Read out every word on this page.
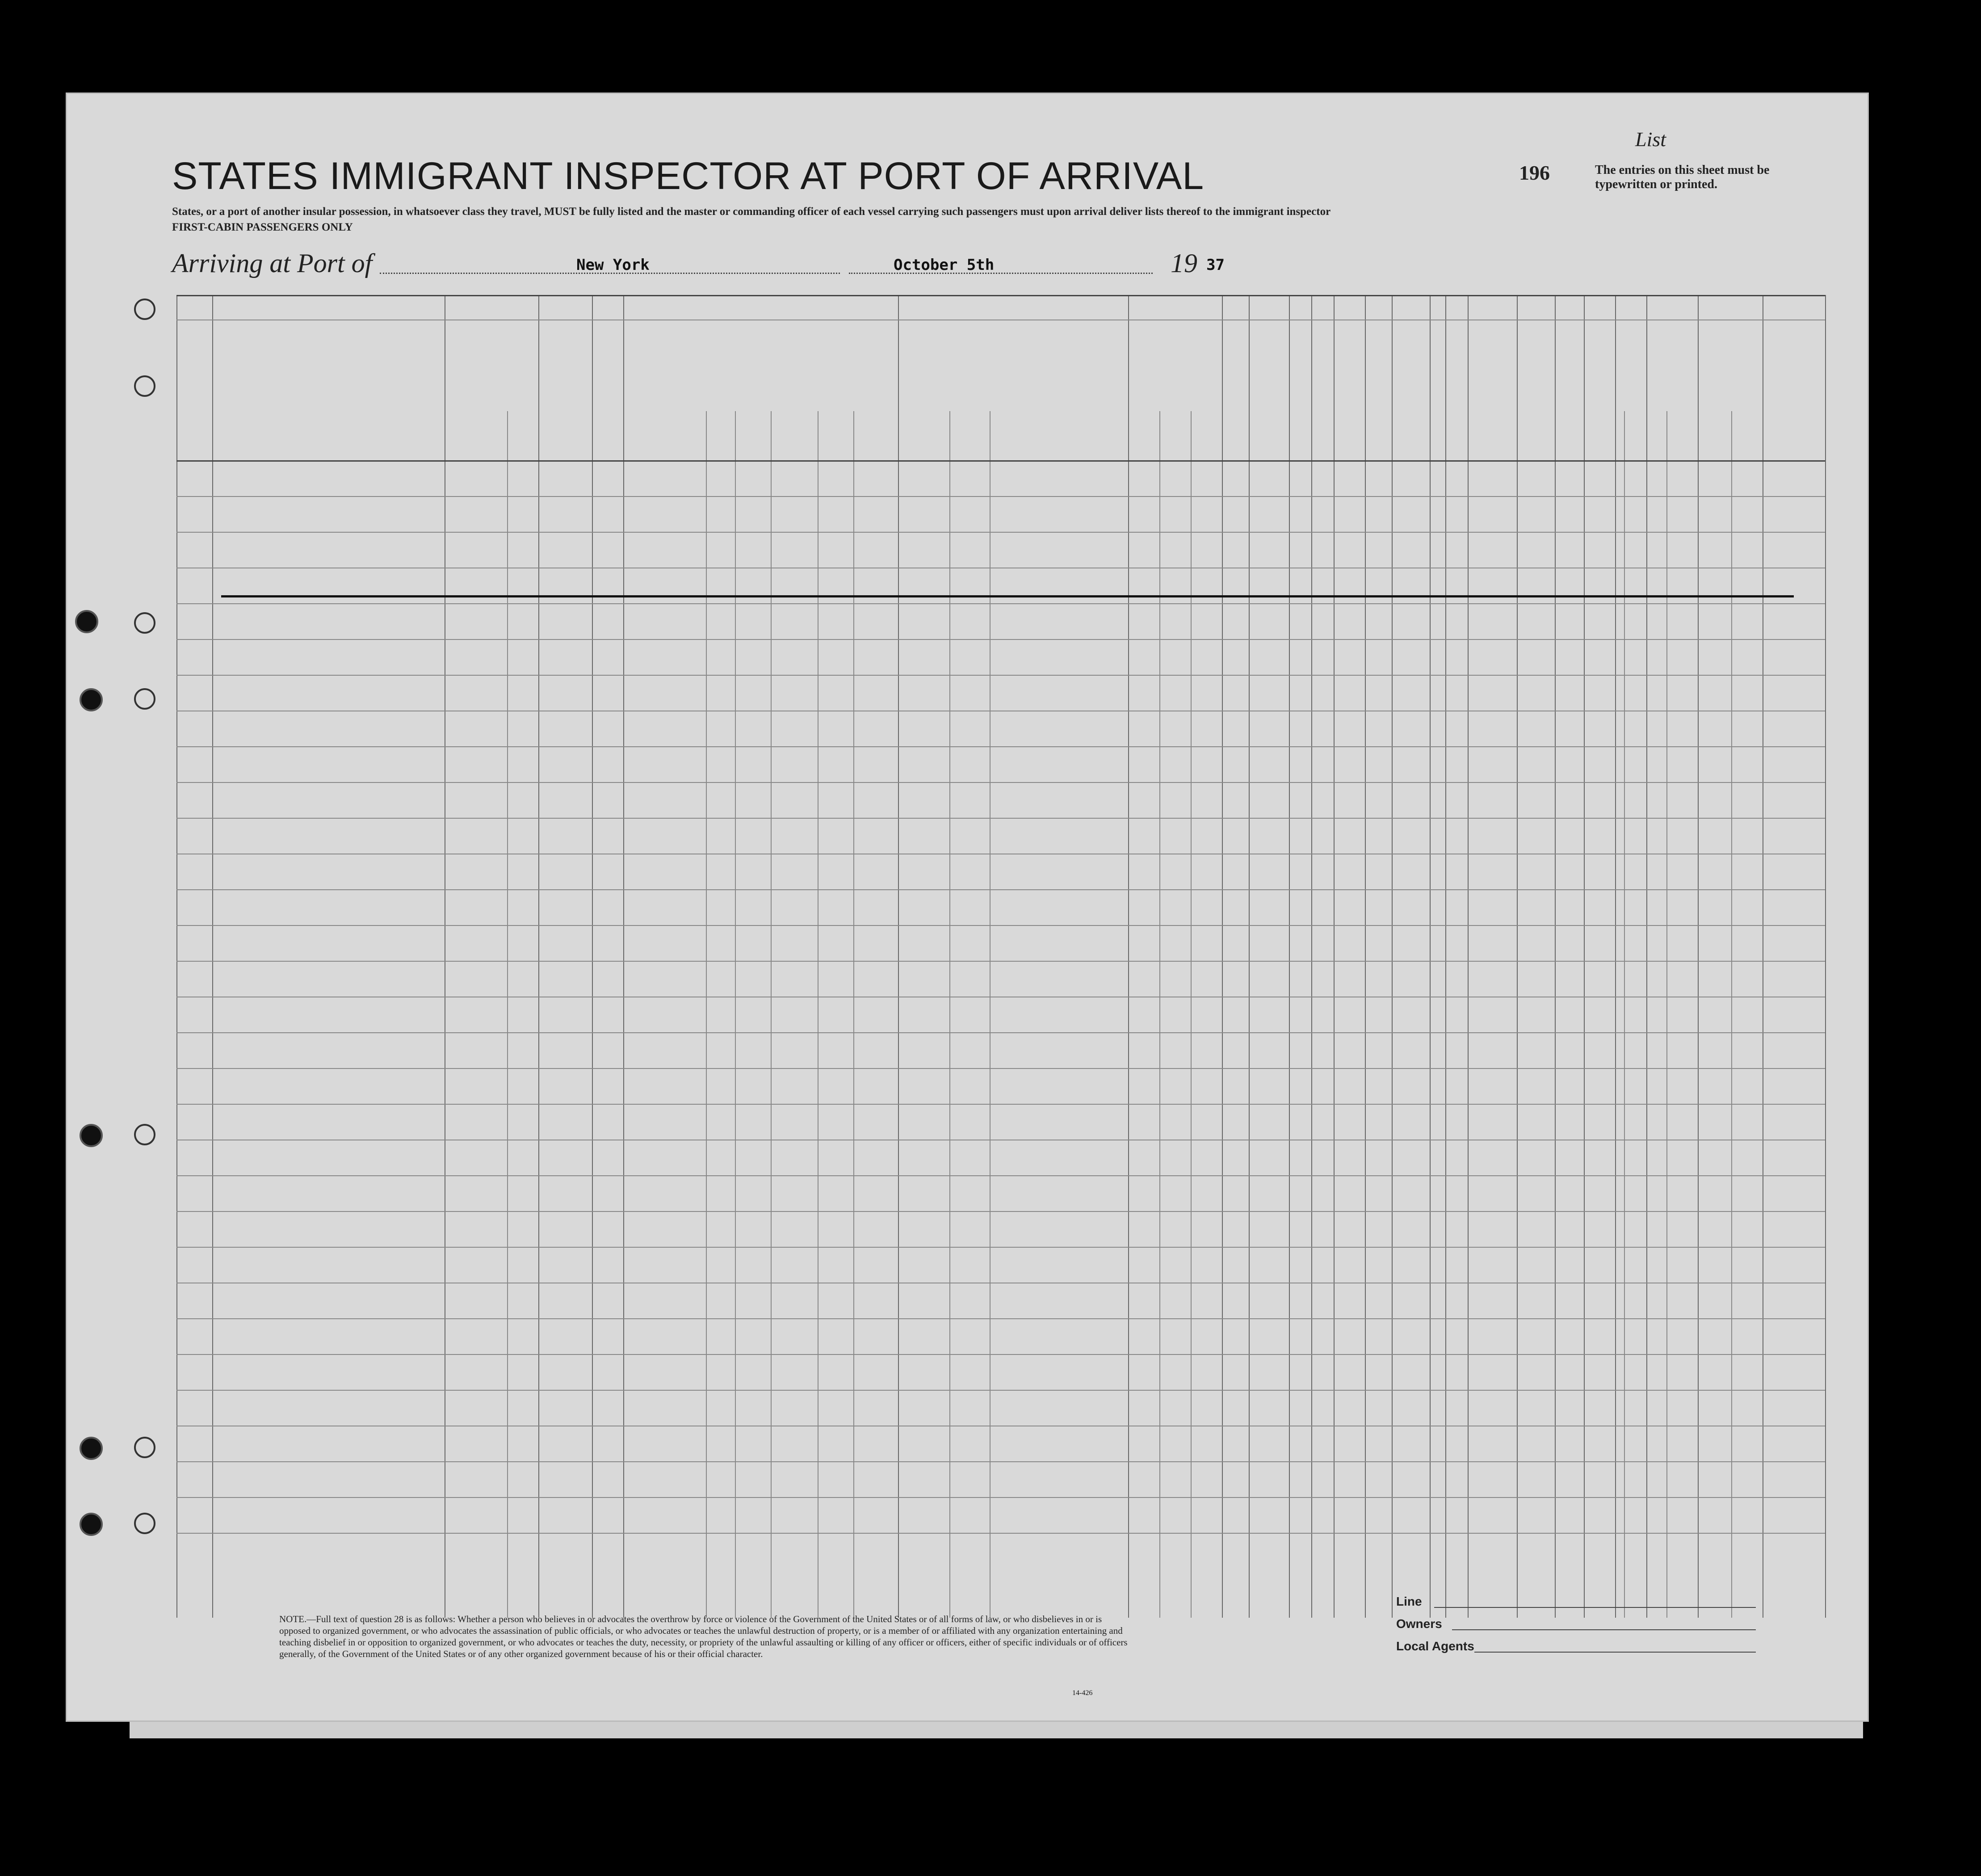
List
STATES IMMIGRANT INSPECTOR AT PORT OF ARRIVAL	196	The entries on this sheet must be typewritten or printed.
States, or a port of another insular possession, in whatsoever class they travel, MUST be fully listed and the master or commanding officer of each vessel carrying such passengers must upon arrival deliver lists thereof to the immigrant inspector
FIRST-CABIN PASSENGERS ONLY
Arriving at Port of	New York	October 5th	19 37
NOTE.—Full text of question 28 is as follows: Whether a person who believes in or advocates the overthrow by force or violence of the Government of the United States or of all forms of law, or who disbelieves in or is opposed to organized government, or who advocates the assassination of public officials, or who advocates or teaches the unlawful destruction of property, or is a member of or affiliated with any organization entertaining and teaching disbelief in or opposition to organized government, or who advocates or teaches the duty, necessity, or propriety of the unlawful assaulting or killing of any officer or officers, either of specific individuals or of officers generally, of the Government of the United States or of any other organized government because of his or their official character.
14-426
Line
Owners
Local Agents
